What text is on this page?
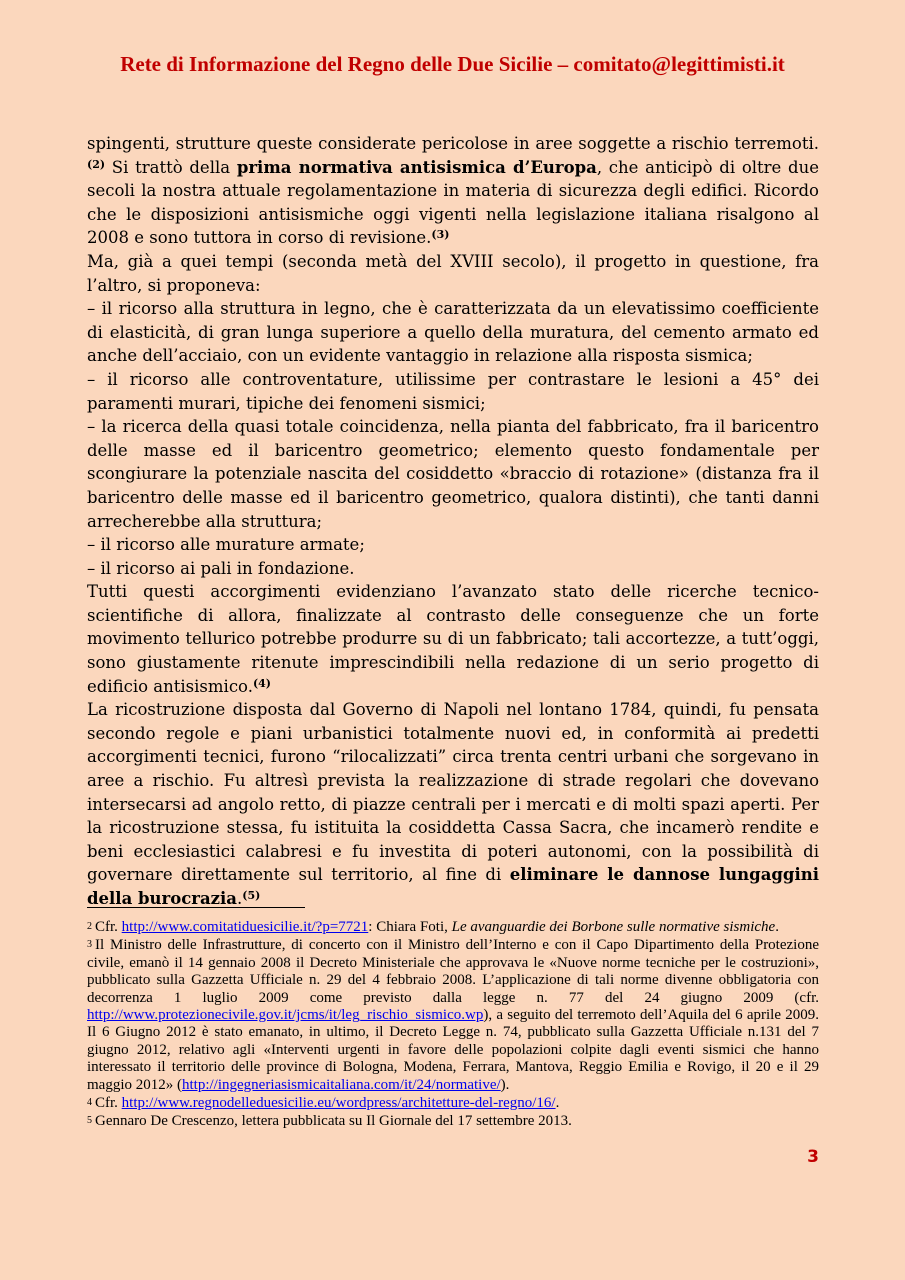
Rete di Informazione del Regno delle Due Sicilie – comitato@legittimisti.it

spingenti, strutture queste considerate pericolose in aree soggette a rischio terremoti.$^{(2)}$ Si trattò della prima normativa antisismica d’Europa, che anticipò di oltre due secoli la nostra attuale regolamentazione in materia di sicurezza degli edifici. Ricordo che le disposizioni antisismiche oggi vigenti nella legislazione italiana risalgono al 2008 e sono tuttora in corso di revisione.$^{(3)}$

Ma, già a quei tempi (seconda metà del XVIII secolo), il progetto in questione, fra l’altro, si proponeva:

– il ricorso alla struttura in legno, che è caratterizzata da un elevatissimo coefficiente di elasticità, di gran lunga superiore a quello della muratura, del cemento armato ed anche dell’acciaio, con un evidente vantaggio in relazione alla risposta sismica;

– il ricorso alle controventature, utilissime per contrastare le lesioni a 45° dei paramenti murari, tipiche dei fenomeni sismici;

– la ricerca della quasi totale coincidenza, nella pianta del fabbricato, fra il baricentro delle masse ed il baricentro geometrico; elemento questo fondamentale per scongiurare la potenziale nascita del cosiddetto «braccio di rotazione» (distanza fra il baricentro delle masse ed il baricentro geometrico, qualora distinti), che tanti danni arrecherebbe alla struttura;

– il ricorso alle murature armate;

– il ricorso ai pali in fondazione.

Tutti questi accorgimenti evidenziano l’avanzato stato delle ricerche tecnico-scientifiche di allora, finalizzate al contrasto delle conseguenze che un forte movimento tellurico potrebbe produrre su di un fabbricato; tali accortezze, a tutt’oggi, sono giustamente ritenute imprescindibili nella redazione di un serio progetto di edificio antisismico.$^{(4)}$

La ricostruzione disposta dal Governo di Napoli nel lontano 1784, quindi, fu pensata secondo regole e piani urbanistici totalmente nuovi ed, in conformità ai predetti accorgimenti tecnici, furono “rilocalizzati” circa trenta centri urbani che sorgevano in aree a rischio. Fu altresì prevista la realizzazione di strade regolari che dovevano intersecarsi ad angolo retto, di piazze centrali per i mercati e di molti spazi aperti. Per la ricostruzione stessa, fu istituita la cosiddetta Cassa Sacra, che incamerò rendite e beni ecclesiastici calabresi e fu investita di poteri autonomi, con la possibilità di governare direttamente sul territorio, al fine di eliminare le dannose lungaggini della burocrazia.$^{(5)}$

2 Cfr. http://www.comitatiduesicilie.it/?p=7721: Chiara Foti, Le avanguardie dei Borbone sulle normative sismiche.

3 Il Ministro delle Infrastrutture, di concerto con il Ministro dell’Interno e con il Capo Dipartimento della Protezione civile, emanò il 14 gennaio 2008 il Decreto Ministeriale che approvava le «Nuove norme tecniche per le costruzioni», pubblicato sulla Gazzetta Ufficiale n. 29 del 4 febbraio 2008. L’applicazione di tali norme divenne obbligatoria con decorrenza 1 luglio 2009 come previsto dalla legge n. 77 del 24 giugno 2009 (cfr. http://www.protezionecivile.gov.it/jcms/it/leg_rischio_sismico.wp), a seguito del terremoto dell’Aquila del 6 aprile 2009. Il 6 Giugno 2012 è stato emanato, in ultimo, il Decreto Legge n. 74, pubblicato sulla Gazzetta Ufficiale n.131 del 7 giugno 2012, relativo agli «Interventi urgenti in favore delle popolazioni colpite dagli eventi sismici che hanno interessato il territorio delle province di Bologna, Modena, Ferrara, Mantova, Reggio Emilia e Rovigo, il 20 e il 29 maggio 2012» (http://ingegneriasismicaitaliana.com/it/24/normative/).

4 Cfr. http://www.regnodelleduesicilie.eu/wordpress/architetture-del-regno/16/.

5 Gennaro De Crescenzo, lettera pubblicata su Il Giornale del 17 settembre 2013.

3
